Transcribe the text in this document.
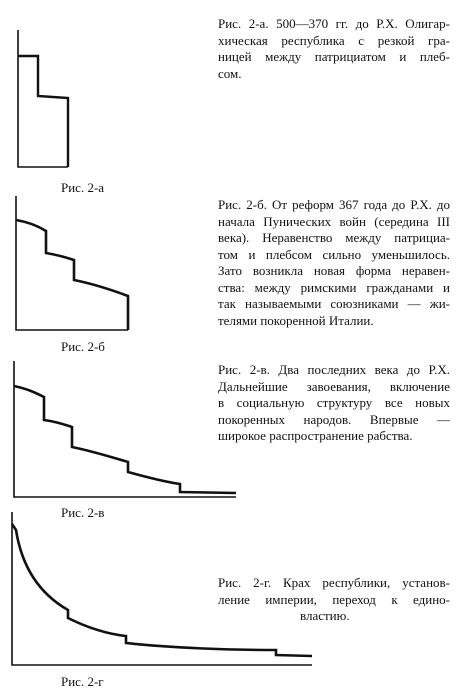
Рис. 2-а
Рис. 2-б
Рис. 2-в
Рис. 2-г
Рис. 2-а. 500—370 гг. до Р.Х. Олигар-
хическая республика с резкой гра-
ницей между патрициатом и плеб-
сом.
Рис. 2-б. От реформ 367 года до Р.Х. до
начала Пунических войн (середина III
века). Неравенство между патрициа-
том и плебсом сильно уменьшилось.
Зато возникла новая форма неравен-
ства: между римскими гражданами и
так называемыми союзниками — жи-
телями покоренной Италии.
Рис. 2-в. Два последних века до Р.Х.
Дальнейшие завоевания, включение
в социальную структуру все новых
покоренных народов. Впервые —
широкое распространение рабства.
Рис. 2-г. Крах республики, установ-
ление империи, переход к едино-
властию.
